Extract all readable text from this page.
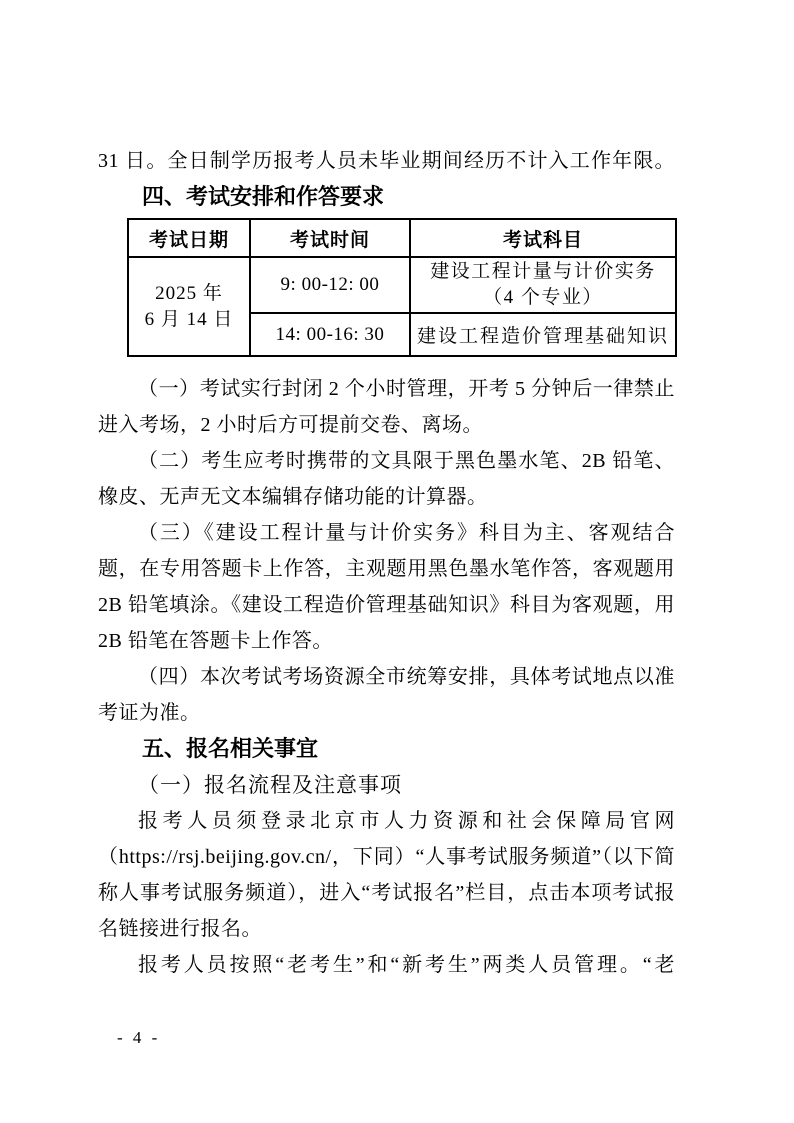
31 日。全日制学历报考人员未毕业期间经历不计入工作年限。

四、考试安排和作答要求

考试日期	考试时间	考试科目

2025 年
6 月 14 日	9: 00-12: 00	建设工程计量与计价实务
（4 个专业）

	14: 00-16: 30	建设工程造价管理基础知识

（一）考试实行封闭 2 个小时管理，开考 5 分钟后一律禁止进入考场，2 小时后方可提前交卷、离场。

（二）考生应考时携带的文具限于黑色墨水笔、2B 铅笔、橡皮、无声无文本编辑存储功能的计算器。

（三）《建设工程计量与计价实务》科目为主、客观结合题，在专用答题卡上作答，主观题用黑色墨水笔作答，客观题用 2B 铅笔填涂。《建设工程造价管理基础知识》科目为客观题，用 2B 铅笔在答题卡上作答。

（四）本次考试考场资源全市统筹安排，具体考试地点以准考证为准。

五、报名相关事宜

（一）报名流程及注意事项

报考人员须登录北京市人力资源和社会保障局官网（https://rsj.beijing.gov.cn/，下同）“人事考试服务频道”（以下简称人事考试服务频道），进入“考试报名”栏目，点击本项考试报名链接进行报名。

报考人员按照“老考生”和“新考生”两类人员管理。“老

- 4 -
